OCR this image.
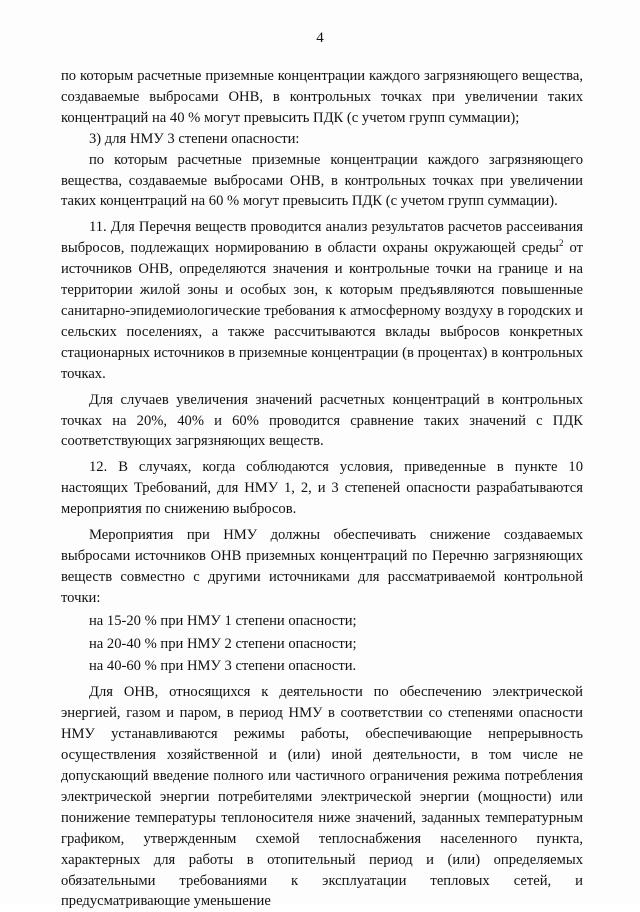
4

по которым расчетные приземные концентрации каждого загрязняющего вещества, создаваемые выбросами ОНВ, в контрольных точках при увеличении таких концентраций на 40 % могут превысить ПДК (с учетом групп суммации);

3) для НМУ 3 степени опасности:

по которым расчетные приземные концентрации каждого загрязняющего вещества, создаваемые выбросами ОНВ, в контрольных точках при увеличении таких концентраций на 60 % могут превысить ПДК (с учетом групп суммации).

11. Для Перечня веществ проводится анализ результатов расчетов рассеивания выбросов, подлежащих нормированию в области охраны окружающей среды$^2$ от источников ОНВ, определяются значения и контрольные точки на границе и на территории жилой зоны и особых зон, к которым предъявляются повышенные санитарно-эпидемиологические требования к атмосферному воздуху в городских и сельских поселениях, а также рассчитываются вклады выбросов конкретных стационарных источников в приземные концентрации (в процентах) в контрольных точках.

Для случаев увеличения значений расчетных концентраций в контрольных точках на 20%, 40% и 60% проводится сравнение таких значений с ПДК соответствующих загрязняющих веществ.

12. В случаях, когда соблюдаются условия, приведенные в пункте 10 настоящих Требований, для НМУ 1, 2, и 3 степеней опасности разрабатываются мероприятия по снижению выбросов.

Мероприятия при НМУ должны обеспечивать снижение создаваемых выбросами источников ОНВ приземных концентраций по Перечню загрязняющих веществ совместно с другими источниками для рассматриваемой контрольной точки:

на 15-20 % при НМУ 1 степени опасности;

на 20-40 % при НМУ 2 степени опасности;

на 40-60 % при НМУ 3 степени опасности.

Для ОНВ, относящихся к деятельности по обеспечению электрической энергией, газом и паром, в период НМУ в соответствии со степенями опасности НМУ устанавливаются режимы работы, обеспечивающие непрерывность осуществления хозяйственной и (или) иной деятельности, в том числе не допускающий введение полного или частичного ограничения режима потребления электрической энергии потребителями электрической энергии (мощности) или понижение температуры теплоносителя ниже значений, заданных температурным графиком, утвержденным схемой теплоснабжения населенного пункта, характерных для работы в отопительный период и (или) определяемых обязательными требованиями к эксплуатации тепловых сетей, и предусматривающие уменьшение
